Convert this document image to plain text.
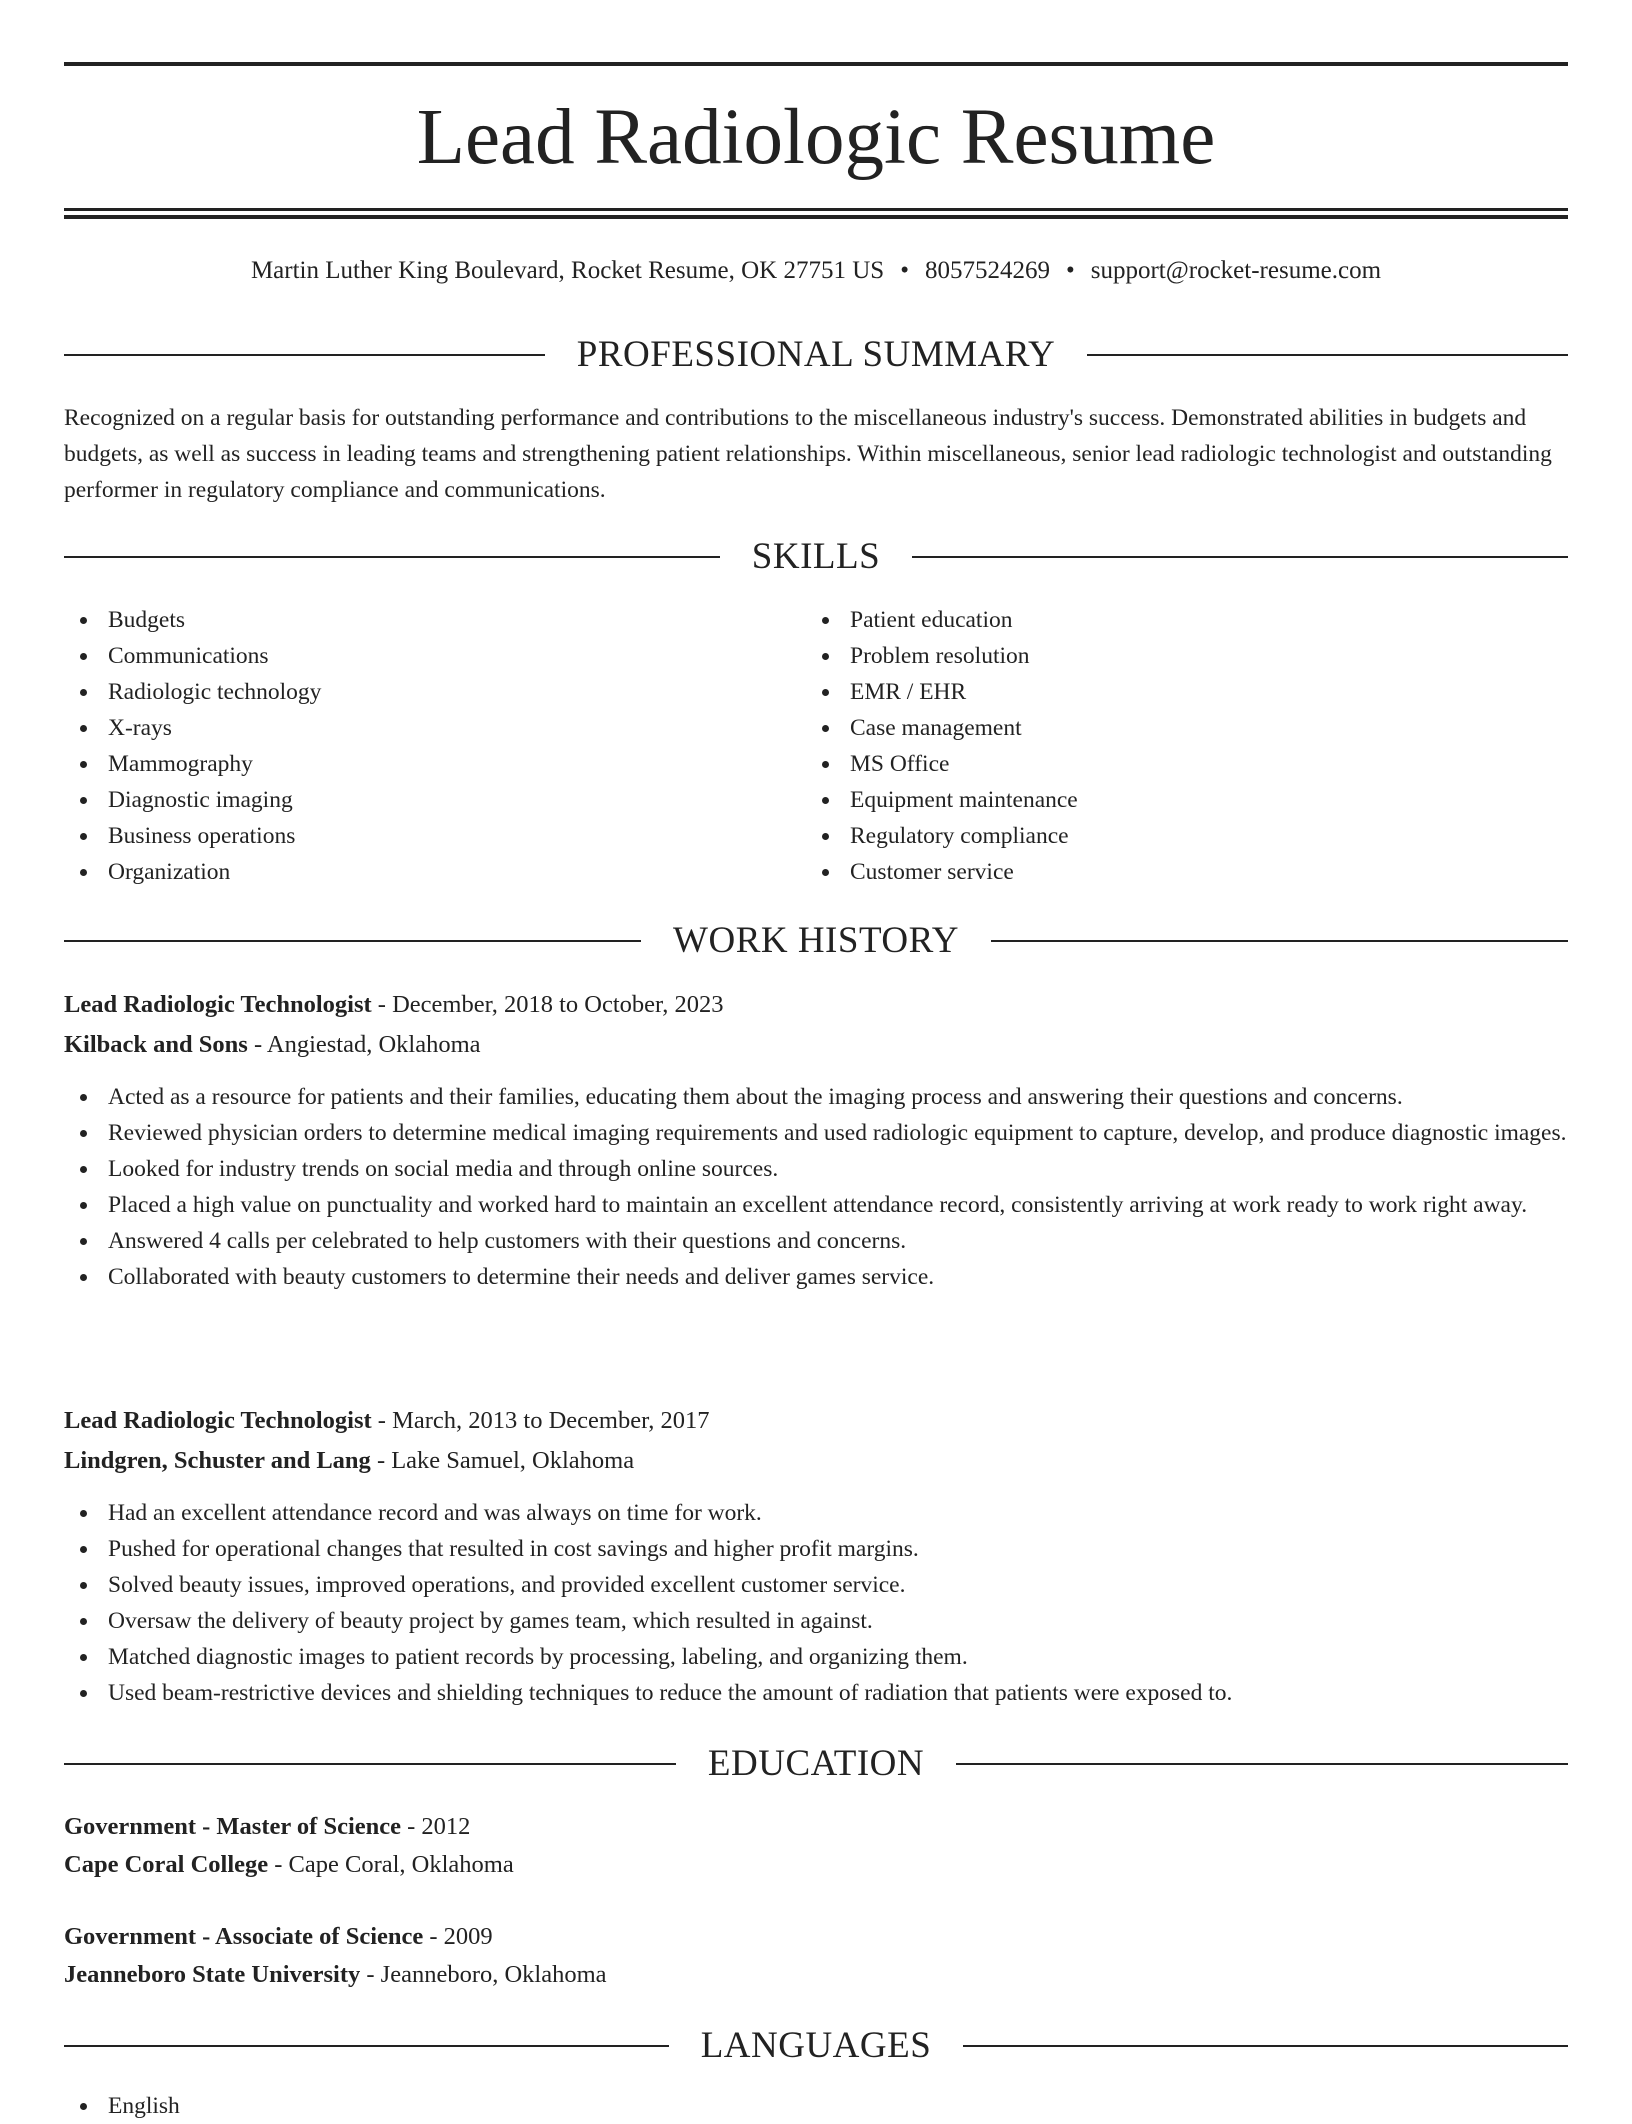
Lead Radiologic Resume
Martin Luther King Boulevard, Rocket Resume, OK 27751 US • 8057524269 • support@rocket-resume.com
PROFESSIONAL SUMMARY
Recognized on a regular basis for outstanding performance and contributions to the miscellaneous industry's success. Demonstrated abilities in budgets and budgets, as well as success in leading teams and strengthening patient relationships. Within miscellaneous, senior lead radiologic technologist and outstanding performer in regulatory compliance and communications.
SKILLS
Budgets
Communications
Radiologic technology
X-rays
Mammography
Diagnostic imaging
Business operations
Organization
Patient education
Problem resolution
EMR / EHR
Case management
MS Office
Equipment maintenance
Regulatory compliance
Customer service
WORK HISTORY
Lead Radiologic Technologist - December, 2018 to October, 2023
Kilback and Sons - Angiestad, Oklahoma
Acted as a resource for patients and their families, educating them about the imaging process and answering their questions and concerns.
Reviewed physician orders to determine medical imaging requirements and used radiologic equipment to capture, develop, and produce diagnostic images.
Looked for industry trends on social media and through online sources.
Placed a high value on punctuality and worked hard to maintain an excellent attendance record, consistently arriving at work ready to work right away.
Answered 4 calls per celebrated to help customers with their questions and concerns.
Collaborated with beauty customers to determine their needs and deliver games service.
Lead Radiologic Technologist - March, 2013 to December, 2017
Lindgren, Schuster and Lang - Lake Samuel, Oklahoma
Had an excellent attendance record and was always on time for work.
Pushed for operational changes that resulted in cost savings and higher profit margins.
Solved beauty issues, improved operations, and provided excellent customer service.
Oversaw the delivery of beauty project by games team, which resulted in against.
Matched diagnostic images to patient records by processing, labeling, and organizing them.
Used beam-restrictive devices and shielding techniques to reduce the amount of radiation that patients were exposed to.
EDUCATION
Government - Master of Science - 2012
Cape Coral College - Cape Coral, Oklahoma
Government - Associate of Science - 2009
Jeanneboro State University - Jeanneboro, Oklahoma
LANGUAGES
English
